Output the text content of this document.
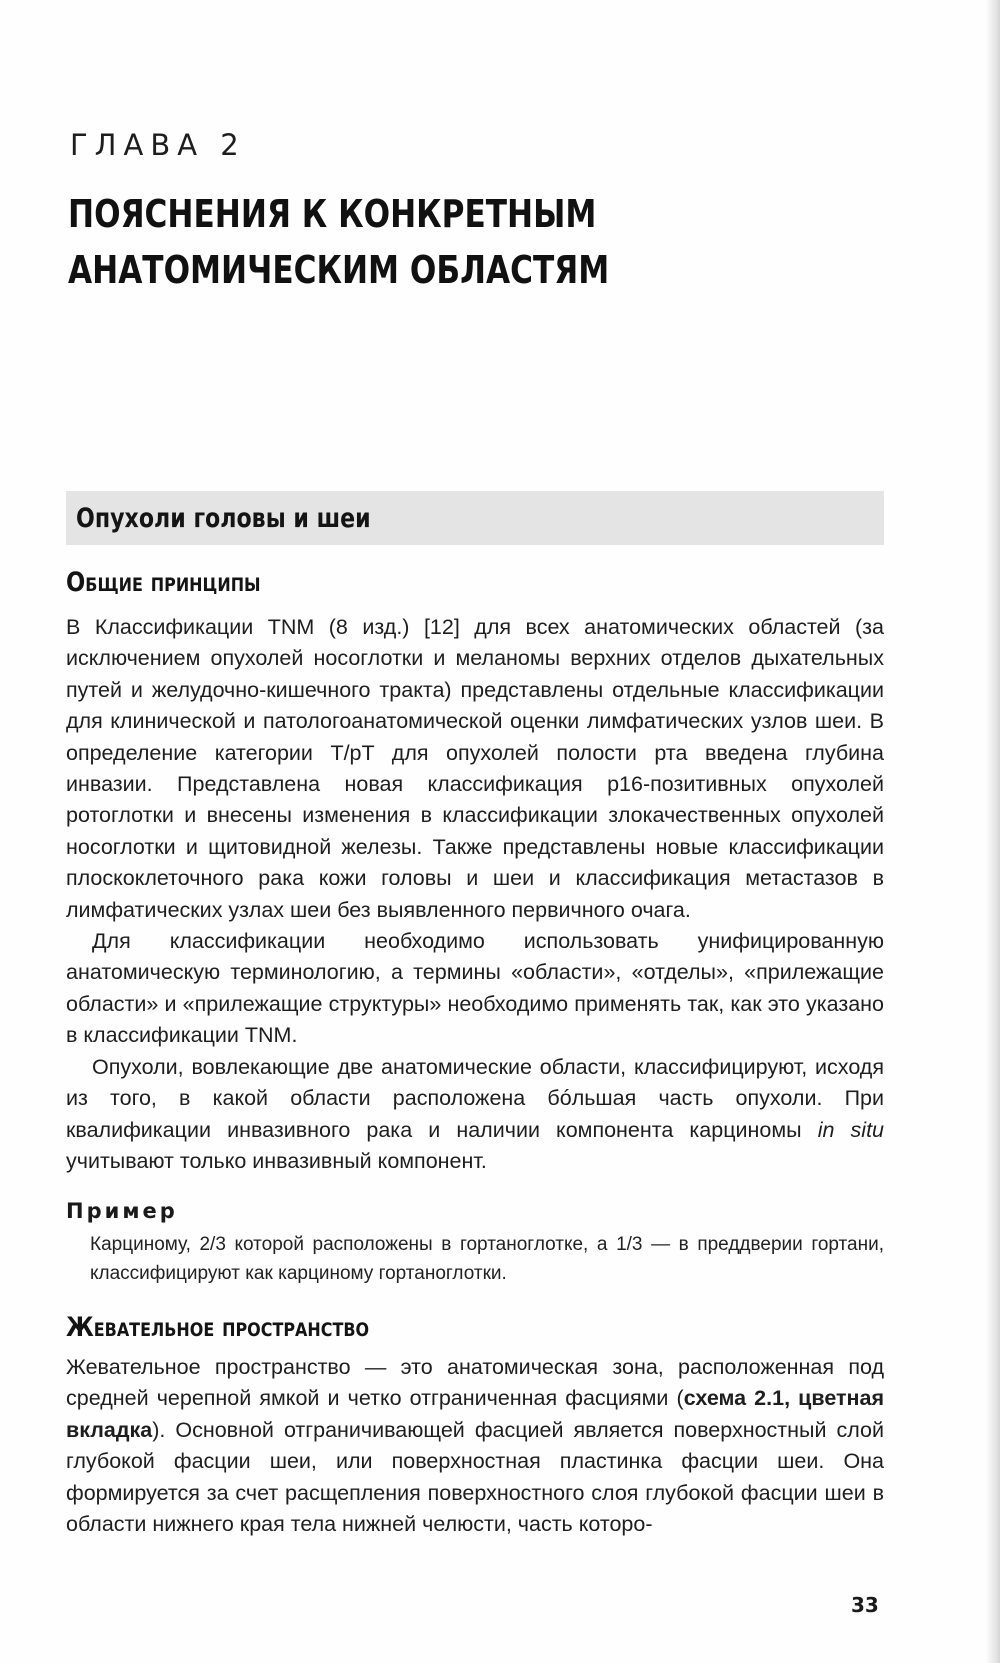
ГЛАВА 2
ПОЯСНЕНИЯ К КОНКРЕТНЫМ
АНАТОМИЧЕСКИМ ОБЛАСТЯМ
Опухоли головы и шеи
Общие принципы

В Классификации TNM (8 изд.) [12] для всех анатомических областей (за исключением опухолей носоглотки и меланомы верхних отделов дыхательных путей и желудочно-кишечного тракта) представлены отдельные классификации для клинической и патологоанатомической оценки лимфатических узлов шеи. В определение категории T/pT для опухолей полости рта введена глубина инвазии. Представлена новая классификация p16-позитивных опухолей ротоглотки и внесены изменения в классификации злокачественных опухолей носоглотки и щитовидной железы. Также представлены новые классификации плоскоклеточного рака кожи головы и шеи и классификация метастазов в лимфатических узлах шеи без выявленного первичного очага.

Для классификации необходимо использовать унифицированную анатомическую терминологию, а термины «области», «отделы», «прилежащие области» и «прилежащие структуры» необходимо применять так, как это указано в классификации TNM.

Опухоли, вовлекающие две анатомические области, классифицируют, исходя из того, в какой области расположена бóльшая часть опухоли. При квалификации инвазивного рака и наличии компонента карциномы in situ учитывают только инвазивный компонент.

Пример
Карциному, 2/3 которой расположены в гортаноглотке, а 1/3 — в преддверии гортани, классифицируют как карциному гортаноглотки.
Жевательное пространство

Жевательное пространство — это анатомическая зона, расположенная под средней черепной ямкой и четко отграниченная фасциями (схема 2.1, цветная вкладка). Основной отграничивающей фасцией является поверхностный слой глубокой фасции шеи, или поверхностная пластинка фасции шеи. Она формируется за счет расщепления поверхностного слоя глубокой фасции шеи в области нижнего края тела нижней челюсти, часть которо-

33
